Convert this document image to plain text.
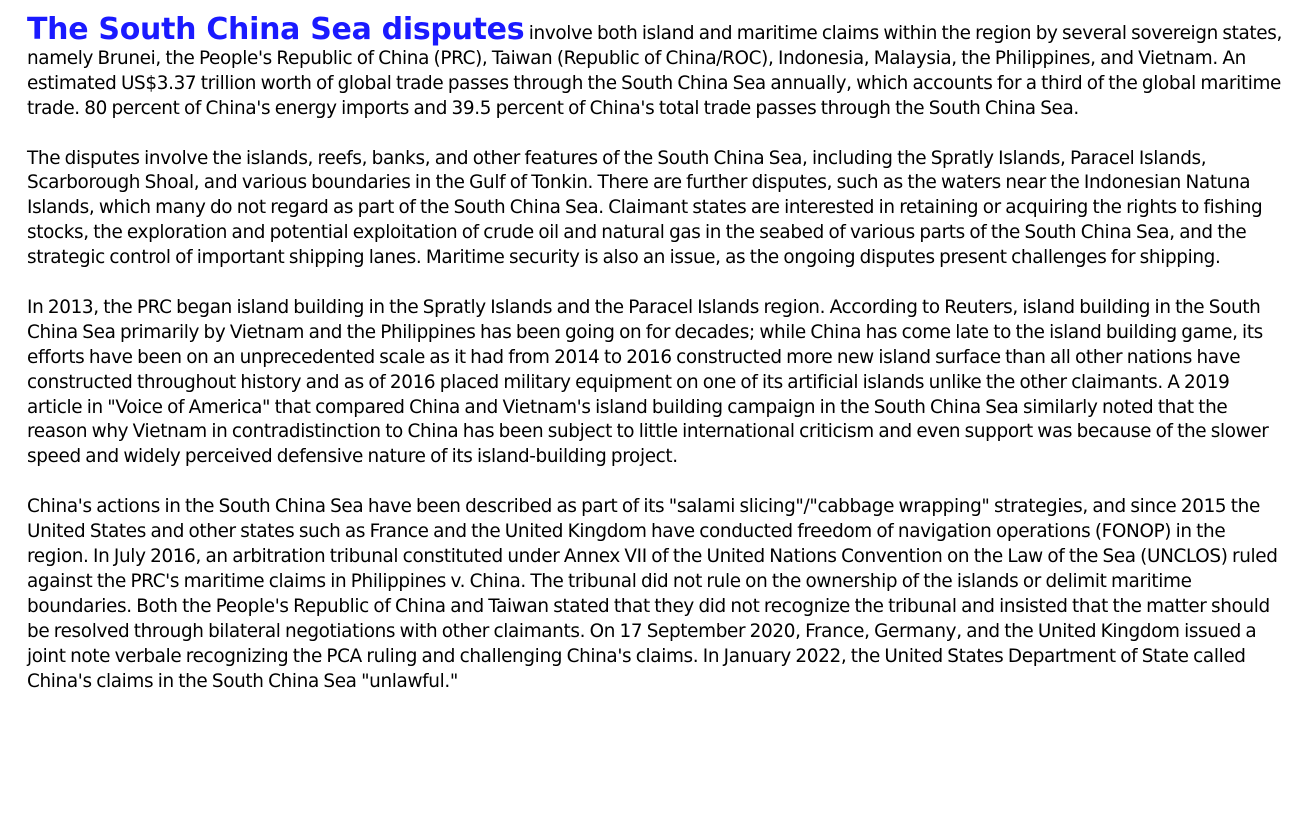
The South China Sea disputes involve both island and maritime claims within the region by several sovereign states, namely Brunei, the People's Republic of China (PRC), Taiwan (Republic of China/ROC), Indonesia, Malaysia, the Philippines, and Vietnam. An estimated US$3.37 trillion worth of global trade passes through the South China Sea annually, which accounts for a third of the global maritime trade. 80 percent of China's energy imports and 39.5 percent of China's total trade passes through the South China Sea.

The disputes involve the islands, reefs, banks, and other features of the South China Sea, including the Spratly Islands, Paracel Islands, Scarborough Shoal, and various boundaries in the Gulf of Tonkin. There are further disputes, such as the waters near the Indonesian Natuna Islands, which many do not regard as part of the South China Sea. Claimant states are interested in retaining or acquiring the rights to fishing stocks, the exploration and potential exploitation of crude oil and natural gas in the seabed of various parts of the South China Sea, and the strategic control of important shipping lanes. Maritime security is also an issue, as the ongoing disputes present challenges for shipping.

In 2013, the PRC began island building in the Spratly Islands and the Paracel Islands region. According to Reuters, island building in the South China Sea primarily by Vietnam and the Philippines has been going on for decades; while China has come late to the island building game, its efforts have been on an unprecedented scale as it had from 2014 to 2016 constructed more new island surface than all other nations have constructed throughout history and as of 2016 placed military equipment on one of its artificial islands unlike the other claimants. A 2019 article in "Voice of America" that compared China and Vietnam's island building campaign in the South China Sea similarly noted that the reason why Vietnam in contradistinction to China has been subject to little international criticism and even support was because of the slower speed and widely perceived defensive nature of its island-building project.

China's actions in the South China Sea have been described as part of its "salami slicing"/"cabbage wrapping" strategies, and since 2015 the United States and other states such as France and the United Kingdom have conducted freedom of navigation operations (FONOP) in the region. In July 2016, an arbitration tribunal constituted under Annex VII of the United Nations Convention on the Law of the Sea (UNCLOS) ruled against the PRC's maritime claims in Philippines v. China. The tribunal did not rule on the ownership of the islands or delimit maritime boundaries. Both the People's Republic of China and Taiwan stated that they did not recognize the tribunal and insisted that the matter should be resolved through bilateral negotiations with other claimants. On 17 September 2020, France, Germany, and the United Kingdom issued a joint note verbale recognizing the PCA ruling and challenging China's claims. In January 2022, the United States Department of State called China's claims in the South China Sea "unlawful."
